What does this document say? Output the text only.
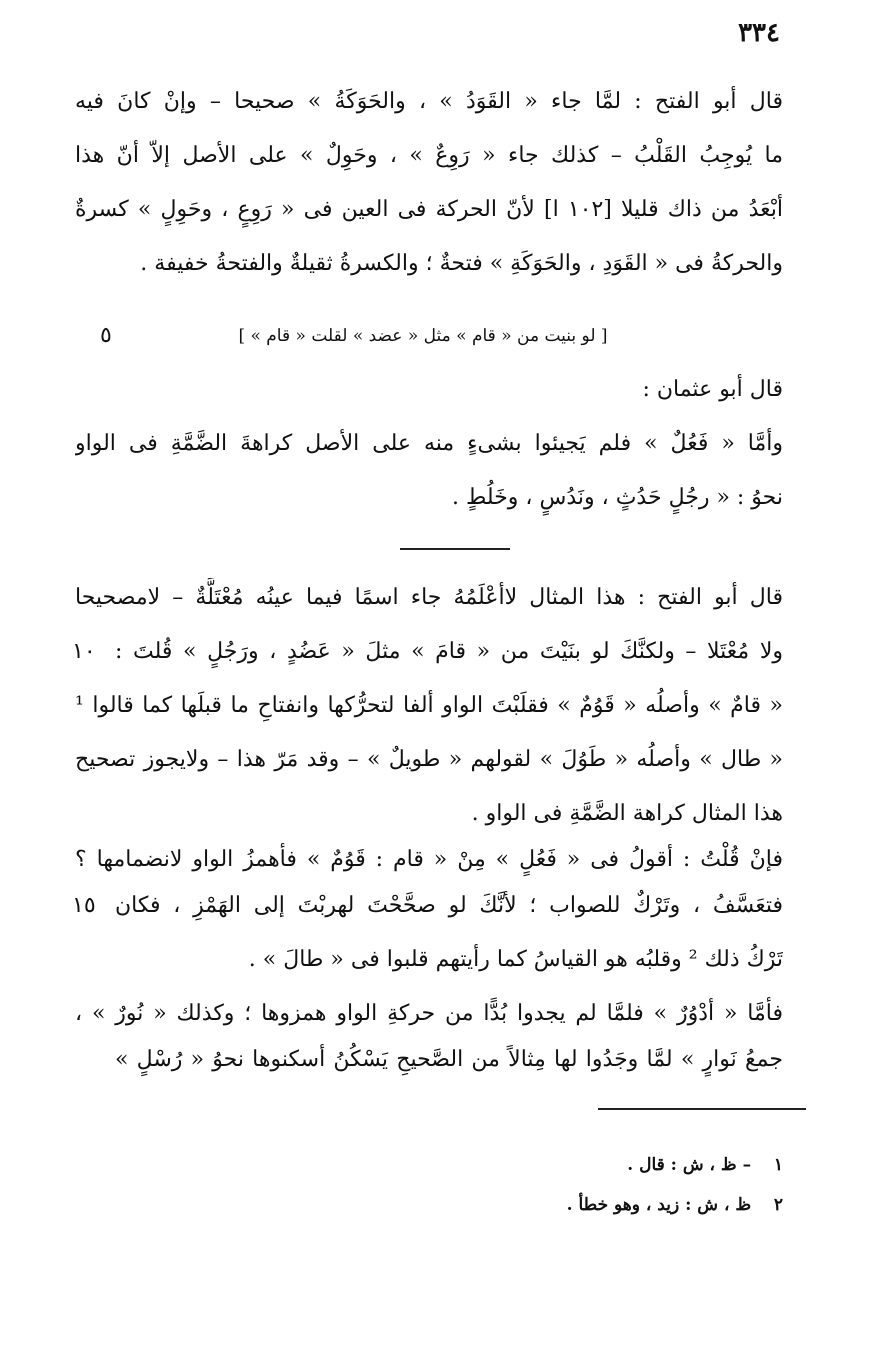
٣٣٤
قال أبو الفتح : لمَّا جاء « القَوَدُ » ، والحَوَكَةُ » صحيحا – وإنْ كانَ فيه
ما يُوجِبُ القَلْبُ – كذلك جاء « رَوِعٌ » ، وحَوِلٌ » على الأصل إلاّ أنّ هذا
أبْعَدُ من ذاك قليلا [١٠٢ ا] لأنّ الحركة فى العين فى « رَوِعٍ ، وحَوِلٍ » كسرةٌ
والحركةُ فى « القَوَدِ ، والحَوَكَةِ » فتحةٌ ؛ والكسرةُ ثقيلةٌ والفتحةُ خفيفة .
[ لو بنيت من « قام » مثل « عضد » لقلت « قام » ]
٥
قال أبو عثمان :
وأمَّا « فَعُلٌ » فلم يَجيئوا بشىءٍ منه على الأصل كراهةَ الضَّمَّةِ فى الواو
نحوُ : « رجُلٍ حَدُثٍ ، ونَدُسٍ ، وخَلُطٍ .
قال أبو الفتح : هذا المثال لاأعْلَمُهُ جاء اسمًا فيما عينُه مُعْتَلَّةٌ – لامصحيحا
ولا مُعْتَلا – ولكنَّكَ لو بنَيْتَ من « قامَ » مثلَ « عَضُدٍ ، ورَجُلٍ » قُلتَ :
١٠
« قامٌ » وأصلُه « قَوُمٌ » فقلَبْتَ الواو ألفا لتحرُّكها وانفتاحِ ما قبلَها كما قالوا ¹
« طال » وأصلُه « طَوُلَ » لقولهم « طويلٌ » – وقد مَرّ هذا – ولايجوز تصحيح
هذا المثال كراهة الضَّمَّةِ فى الواو .
فإنْ قُلْتُ : أقولُ فى « فَعُلٍ » مِنْ « قام : قَوُمٌ » فأهمزُ الواو لانضمامها ؟
فتعَسَّفُ ، وتَرْكٌ للصواب ؛ لأنَّكَ لو صحَّحْتَ لهربْتَ إلى الهَمْزِ ، فكان
١٥
تَرْكُ ذلك ² وقلبُه هو القياسُ كما رأيتهم قلبوا فى « طالَ » .
فأمَّا « أدْوُرٌ » فلمَّا لم يجدوا بُدًّا من حركةِ الواو همزوها ؛ وكذلك « نُورٌ » ،
جمعُ نَوارٍ » لمَّا وجَدُوا لها مِثالاً من الصَّحيحِ يَسْكُنُ أسكنوها نحوُ « رُسْلٍ »
١ – ظ ، ش : قال .
٢ ظ ، ش : زيد ، وهو خطأ .
